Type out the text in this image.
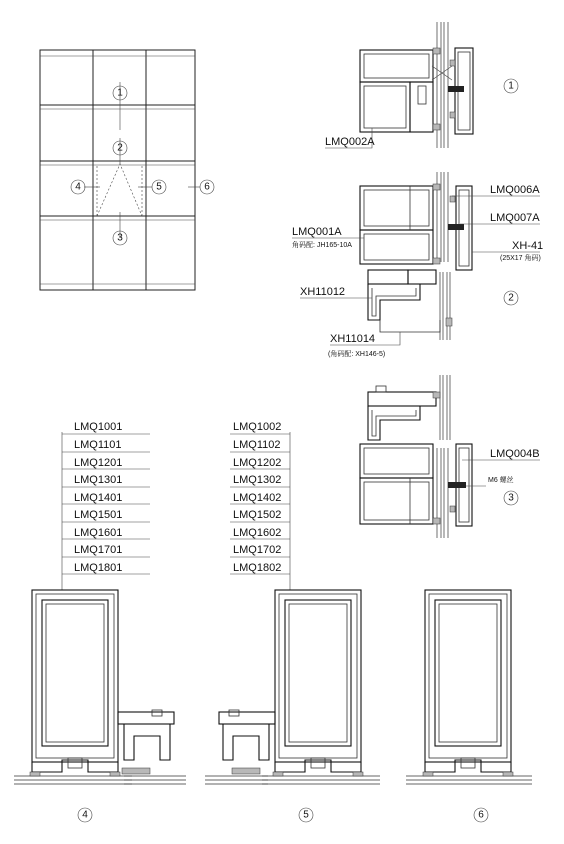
1
2
3
4	5	6
LMQ002A
1
LMQ006A
LMQ007A
LMQ001A
角码配: JH165-10A	XH-41
(25X17 角码)
XH11012
XH11014
(角码配: XH146-5)
2
LMQ004B
M6 螺丝
3
LMQ1001
LMQ1101
LMQ1201
LMQ1301
LMQ1401
LMQ1501
LMQ1601
LMQ1701
LMQ1801
4
LMQ1002
LMQ1102
LMQ1202
LMQ1302
LMQ1402
LMQ1502
LMQ1602
LMQ1702
LMQ1802
5	6
